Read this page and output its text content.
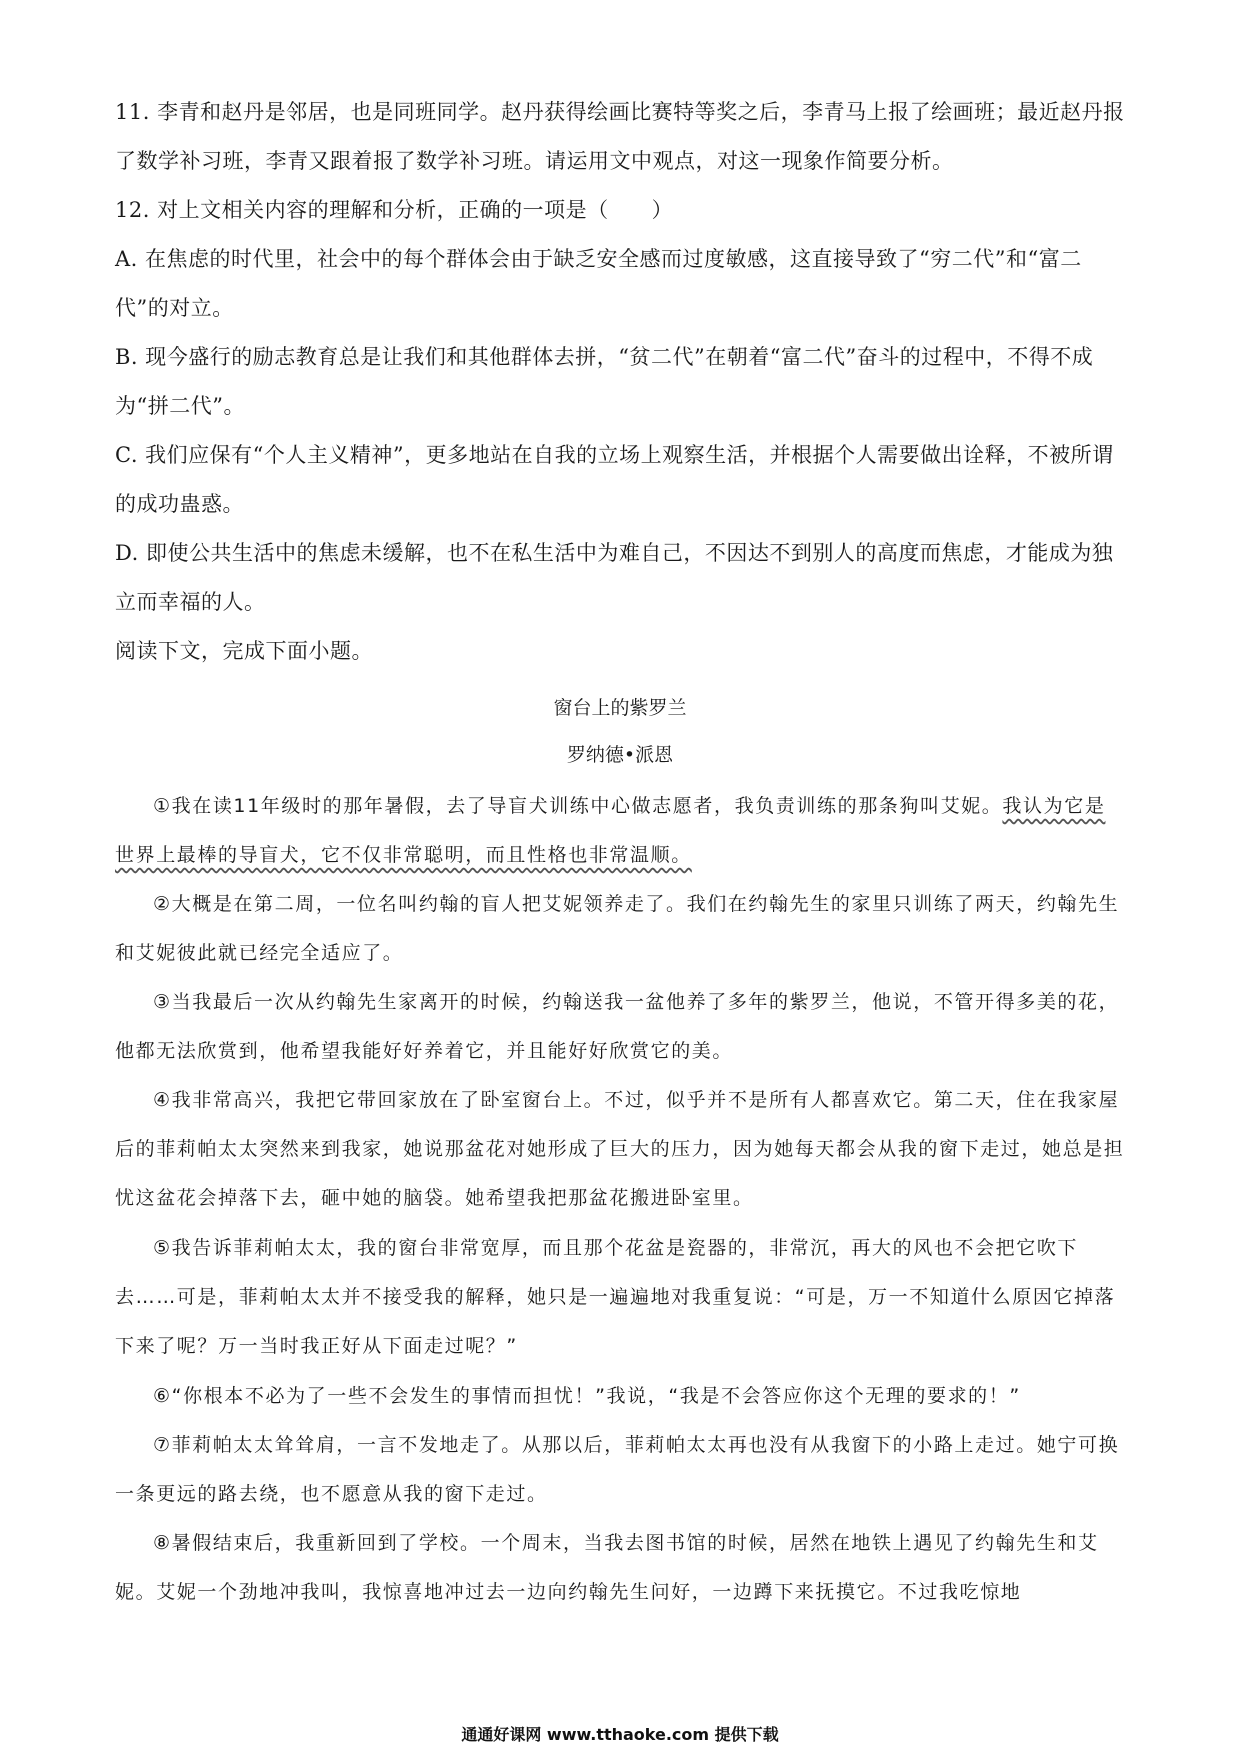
11. 李青和赵丹是邻居，也是同班同学。赵丹获得绘画比赛特等奖之后，李青马上报了绘画班；最近赵丹报了数学补习班，李青又跟着报了数学补习班。请运用文中观点，对这一现象作简要分析。

12. 对上文相关内容的理解和分析，正确的一项是（　　）

A. 在焦虑的时代里，社会中的每个群体会由于缺乏安全感而过度敏感，这直接导致了“穷二代”和“富二代”的对立。

B. 现今盛行的励志教育总是让我们和其他群体去拼，“贫二代”在朝着“富二代”奋斗的过程中，不得不成为“拼二代”。

C. 我们应保有“个人主义精神”，更多地站在自我的立场上观察生活，并根据个人需要做出诠释，不被所谓的成功蛊惑。

D. 即使公共生活中的焦虑未缓解，也不在私生活中为难自己，不因达不到别人的高度而焦虑，才能成为独立而幸福的人。

阅读下文，完成下面小题。

窗台上的紫罗兰

罗纳德•派恩

①我在读11年级时的那年暑假，去了导盲犬训练中心做志愿者，我负责训练的那条狗叫艾妮。我认为它是世界上最棒的导盲犬，它不仅非常聪明，而且性格也非常温顺。

②大概是在第二周，一位名叫约翰的盲人把艾妮领养走了。我们在约翰先生的家里只训练了两天，约翰先生和艾妮彼此就已经完全适应了。

③当我最后一次从约翰先生家离开的时候，约翰送我一盆他养了多年的紫罗兰，他说，不管开得多美的花，他都无法欣赏到，他希望我能好好养着它，并且能好好欣赏它的美。

④我非常高兴，我把它带回家放在了卧室窗台上。不过，似乎并不是所有人都喜欢它。第二天，住在我家屋后的菲莉帕太太突然来到我家，她说那盆花对她形成了巨大的压力，因为她每天都会从我的窗下走过，她总是担忧这盆花会掉落下去，砸中她的脑袋。她希望我把那盆花搬进卧室里。

⑤我告诉菲莉帕太太，我的窗台非常宽厚，而且那个花盆是瓷器的，非常沉，再大的风也不会把它吹下去……可是，菲莉帕太太并不接受我的解释，她只是一遍遍地对我重复说：“可是，万一不知道什么原因它掉落下来了呢？万一当时我正好从下面走过呢？”

⑥“你根本不必为了一些不会发生的事情而担忧！”我说，“我是不会答应你这个无理的要求的！”

⑦菲莉帕太太耸耸肩，一言不发地走了。从那以后，菲莉帕太太再也没有从我窗下的小路上走过。她宁可换一条更远的路去绕，也不愿意从我的窗下走过。

⑧暑假结束后，我重新回到了学校。一个周末，当我去图书馆的时候，居然在地铁上遇见了约翰先生和艾妮。艾妮一个劲地冲我叫，我惊喜地冲过去一边向约翰先生问好，一边蹲下来抚摸它。不过我吃惊地

通通好课网 www.tthaoke.com 提供下载
